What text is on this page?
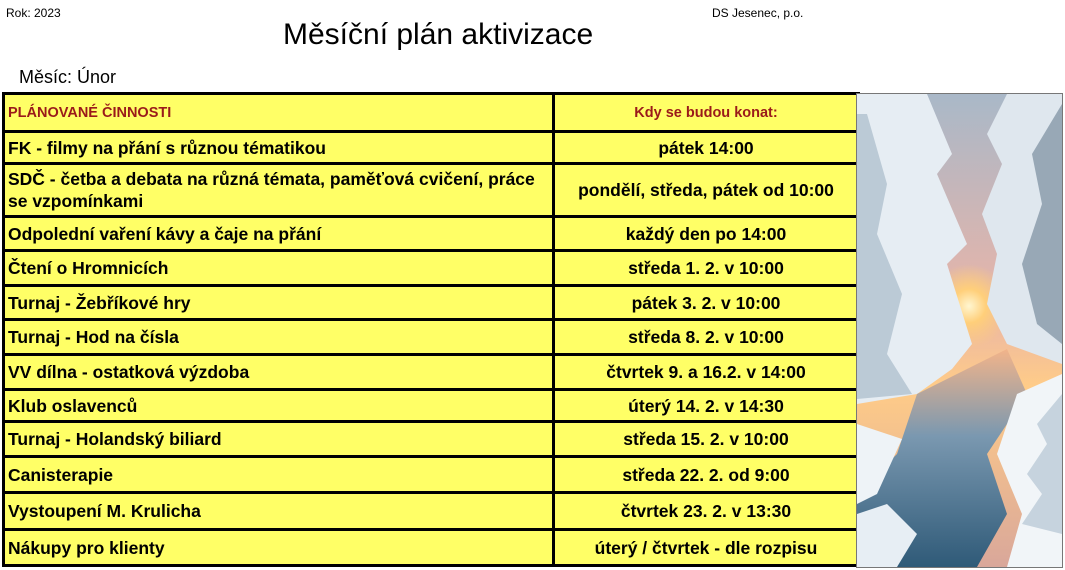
Rok: 2023	DS Jesenec, p.o.
Měsíční plán aktivizace
Měsíc: Únor
PLÁNOVANÉ ČINNOSTI	Kdy se budou konat:
FK - filmy na přání s různou tématikou	pátek 14:00
SDČ - četba a debata na různá témata, paměťová cvičení, práce se vzpomínkami	pondělí, středa, pátek od 10:00
Odpolední vaření kávy a čaje na přání	každý den po 14:00
Čtení o Hromnicích	středa 1. 2. v 10:00
Turnaj - Žebříkové hry	pátek 3. 2. v 10:00
Turnaj - Hod na čísla	středa 8. 2. v 10:00
VV dílna - ostatková výzdoba	čtvrtek 9. a 16.2. v 14:00
Klub oslavenců	úterý 14. 2. v 14:30
Turnaj - Holandský biliard	středa 15. 2. v 10:00
Canisterapie	středa 22. 2. od 9:00
Vystoupení M. Krulicha	čtvrtek 23. 2. v 13:30
Nákupy pro klienty	úterý / čtvrtek - dle rozpisu
